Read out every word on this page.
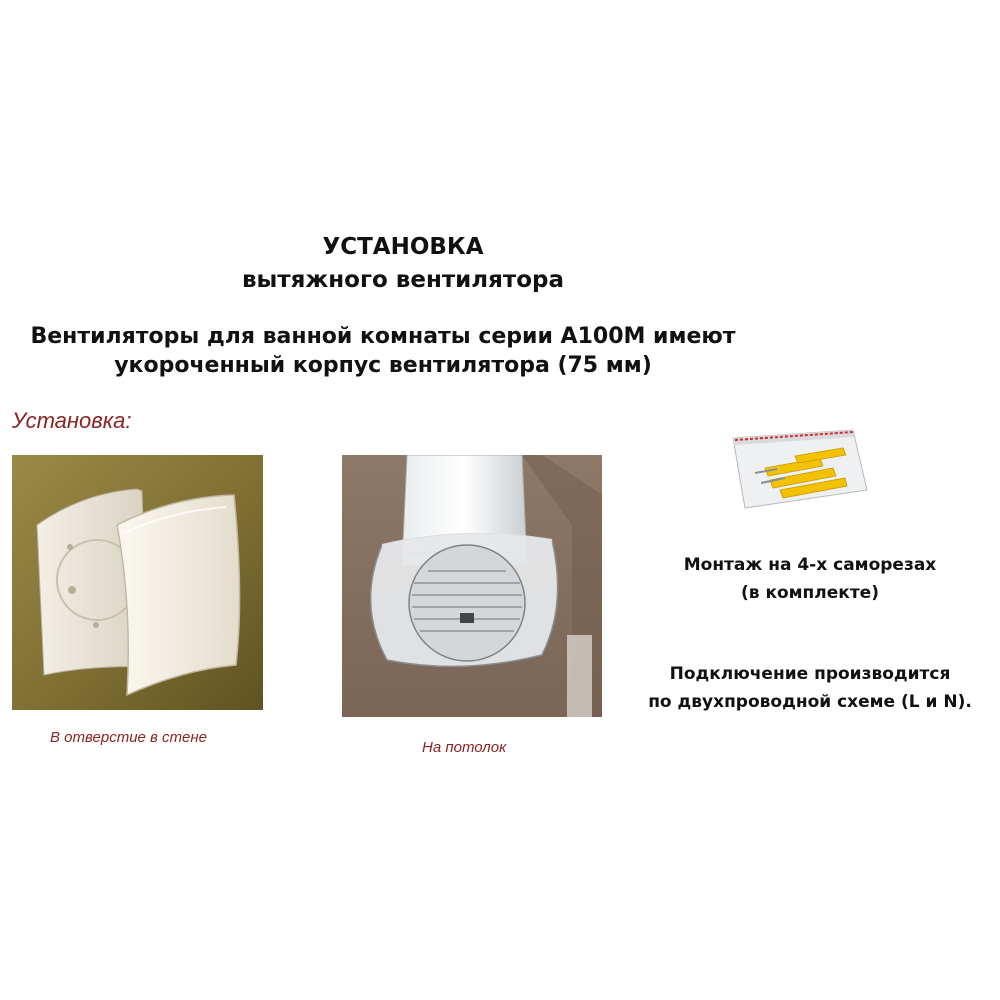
УСТАНОВКА
вытяжного вентилятора
Вентиляторы для ванной комнаты серии А100М имеют
укороченный корпус вентилятора (75 мм)
Установка:
В отверстие в стене
На потолок
Монтаж на 4-х саморезах
(в комплекте)
Подключение производится
по двухпроводной схеме (L и N).
